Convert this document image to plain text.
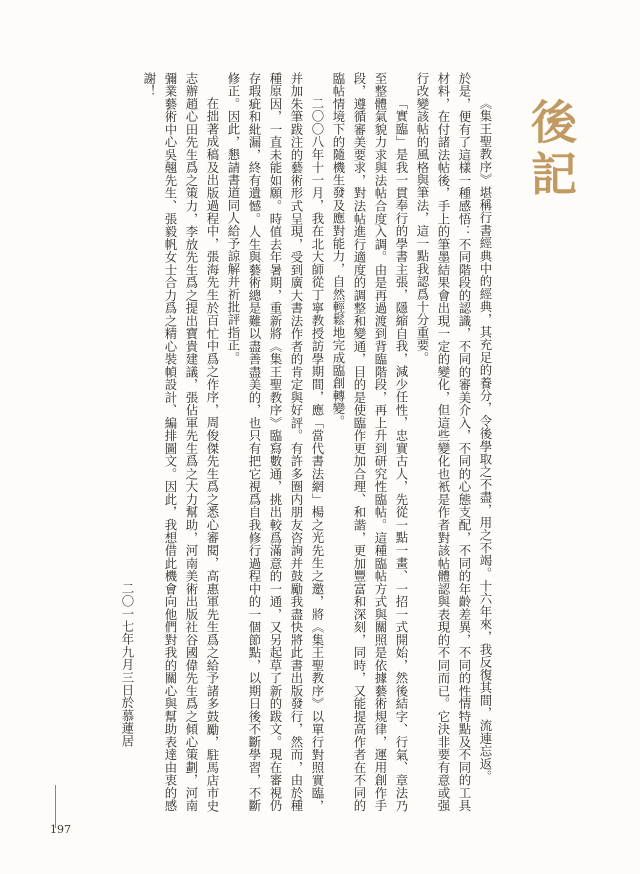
後記

《集王聖教序》堪稱行書經典中的經典，其充足的養分，令後學取之不盡，用之不竭。十六年來，我反復其間，流連忘返。

於是，便有了這樣一種感悟：不同階段的認識，不同的審美介入，不同的心態支配，不同的年齡差異，不同的性情特點及不同的工具材料，在付諸法帖後，手上的筆墨結果會出現一定的變化，但這些變化也衹是作者對該帖體認與表現的不同而已。它決非要有意或强行改變該帖的風格與筆法，這一點我認爲十分重要。

「實臨」是我一貫奉行的學書主張，隱縮自我，減少任性，忠實古人，先從一點一畫、一招一式開始，然後結字、行氣、章法乃至整體氣貌力求與法帖合度入調。由是再過渡到背臨階段，再上升到研究性臨帖。這種臨帖方式與關照是依據藝術規律，運用創作手段，遵循審美要求，對法帖進行適度的調整和變通，目的是使臨作更加合理、和諧，更加豐富和深刻，同時，又能提高作者在不同的臨帖情境下的隨機生發及應對能力，自然輕鬆地完成臨創轉變。

二〇〇八年十一月，我在北大師從丁寧教授訪學期間，應「當代書法網」楊之光先生之邀，將《集王聖教序》以單行對照實臨，并加朱筆跋注的藝術形式呈現，受到廣大書法作者的肯定與好評。有許多圈内朋友咨詢并鼓勵我盡快將此書出版發行，然而，由於種種原因，一直未能如願。時值去年暑期，重新將《集王聖教序》臨寫數通，挑出較爲滿意的一通，又另起草了新的跋文。現在審視仍存瑕疵和紕漏，終有遺憾。人生與藝術總是難以盡善盡美的，也只有把它視爲自我修行過程中的一個節點，以期日後不斷學習，不斷修正。因此，懇請書道同人給予諒解并祈批評指正。

在拙著成稿及出版過程中，張海先生於百忙中爲之作序，周俊傑先生爲之悉心審閱，高惠軍先生爲之給予諸多鼓勵，駐馬店市史志辦趙心田先生爲之策力，李放先生爲之提出寶貴建議，張佔軍先生爲之大力幫助，河南美術出版社谷國偉先生爲之傾心策劃，河南彌業藝術中心吳翹先生、張毅帆女士合力爲之精心裝幀設計、編排圖文。因此，我想借此機會向他們對我的關心與幫助表達由衷的感謝！

二〇一七年九月三日於慕蓮居
197
